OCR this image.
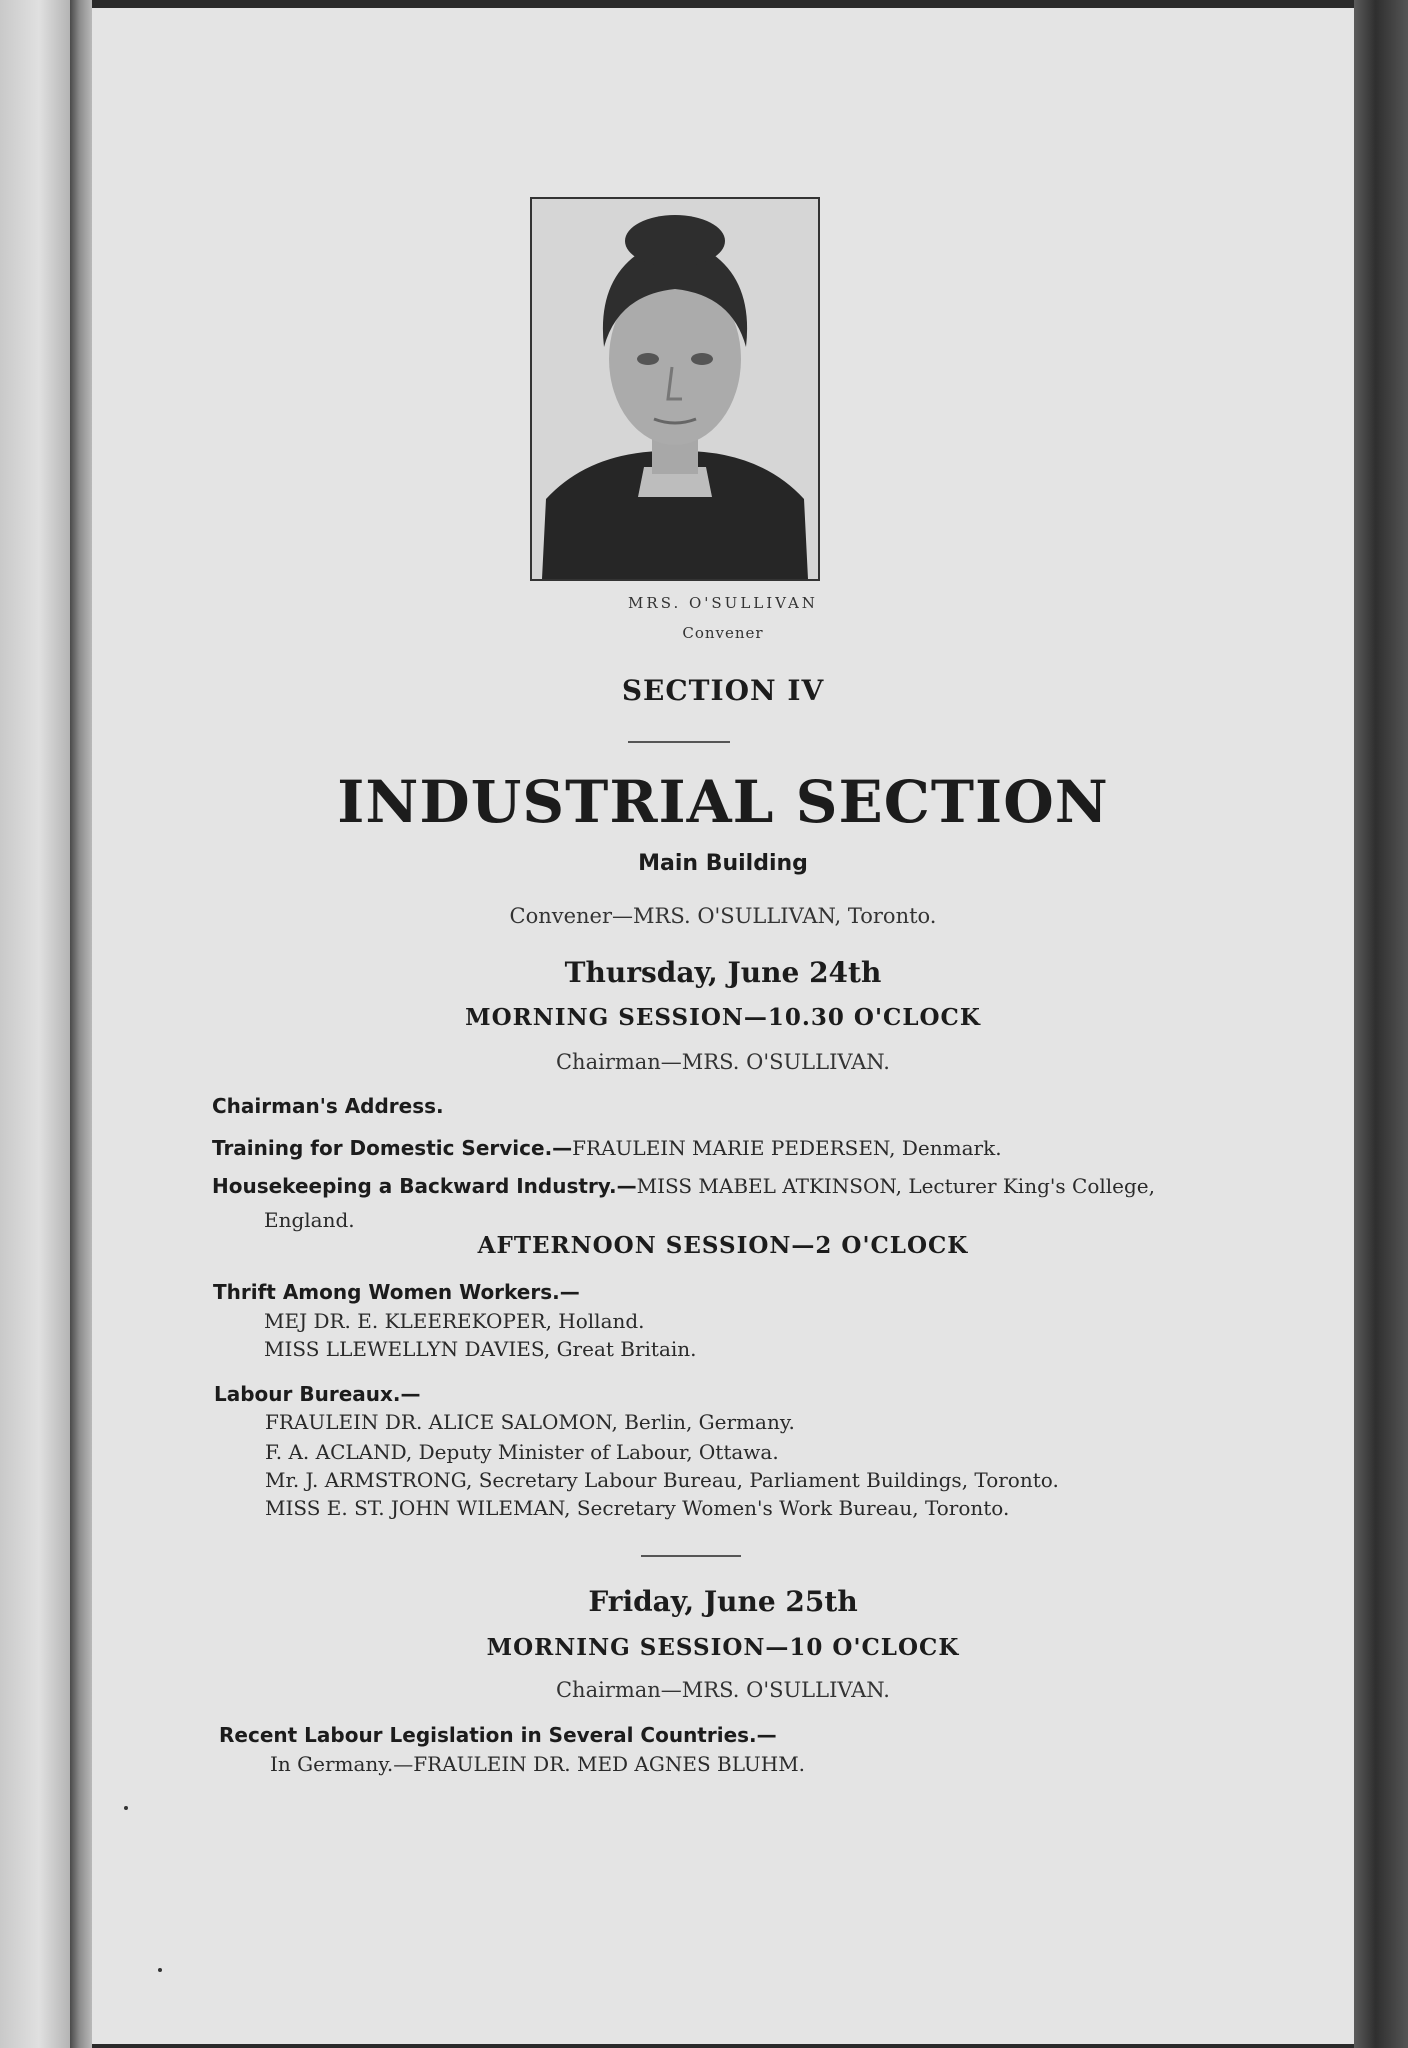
MRS. O'SULLIVAN

Convener

SECTION IV

INDUSTRIAL SECTION

Main Building

Convener—MRS. O'SULLIVAN, Toronto.

Thursday, June 24th

MORNING SESSION—10.30 O'CLOCK

Chairman—MRS. O'SULLIVAN.

Chairman's Address.

Training for Domestic Service.—FRAULEIN MARIE PEDERSEN, Denmark.

Housekeeping a Backward Industry.—MISS MABEL ATKINSON, Lecturer King's College,

England.

AFTERNOON SESSION—2 O'CLOCK

Thrift Among Women Workers.—

MEJ DR. E. KLEEREKOPER, Holland.

MISS LLEWELLYN DAVIES, Great Britain.

Labour Bureaux.—

FRAULEIN DR. ALICE SALOMON, Berlin, Germany.

F. A. ACLAND, Deputy Minister of Labour, Ottawa.

Mr. J. ARMSTRONG, Secretary Labour Bureau, Parliament Buildings, Toronto.

MISS E. ST. JOHN WILEMAN, Secretary Women's Work Bureau, Toronto.

Friday, June 25th

MORNING SESSION—10 O'CLOCK

Chairman—MRS. O'SULLIVAN.

Recent Labour Legislation in Several Countries.—

In Germany.—FRAULEIN DR. MED AGNES BLUHM.
